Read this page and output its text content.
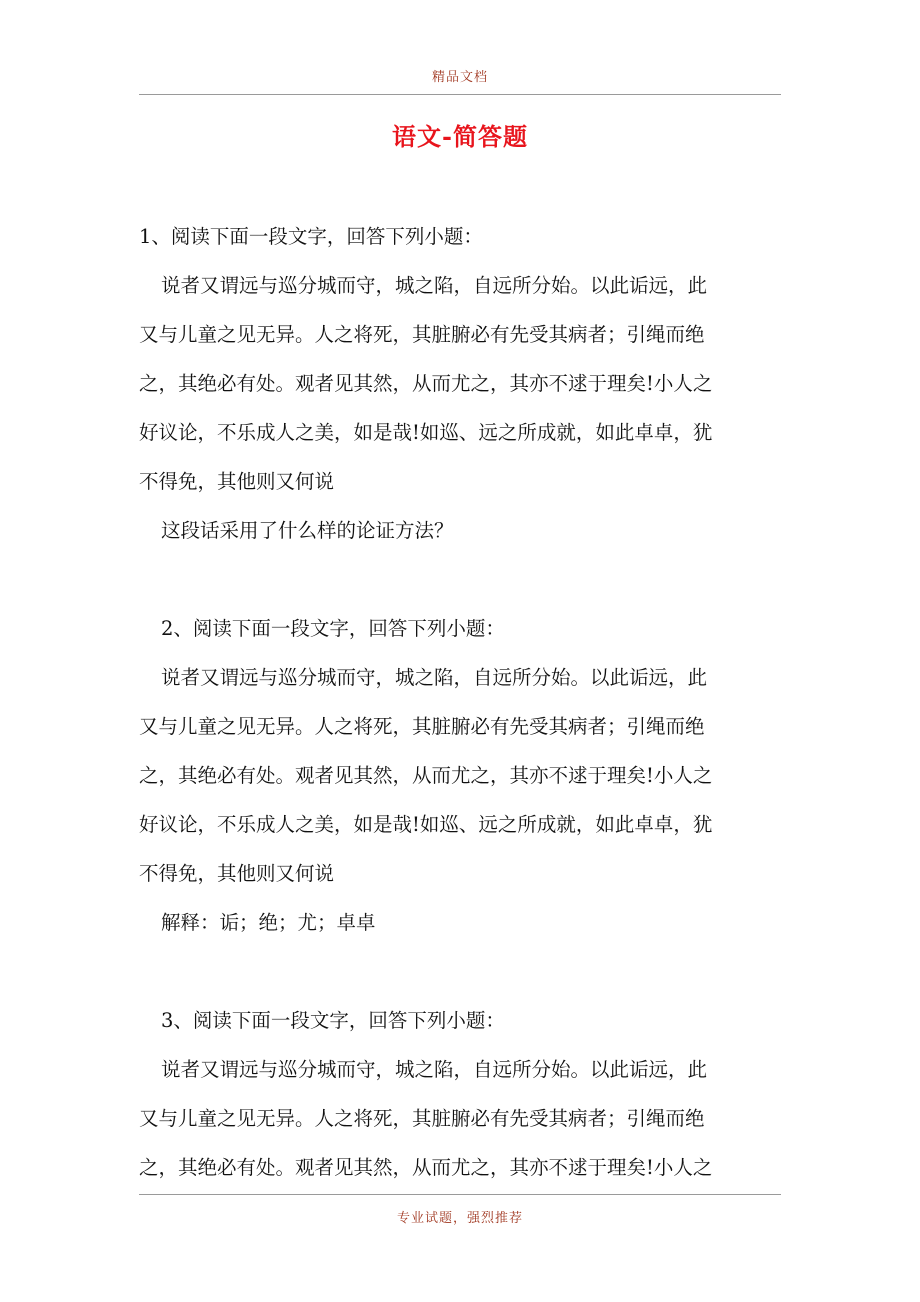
精品文档
语文-简答题
1、阅读下面一段文字，回答下列小题：
说者又谓远与巡分城而守，城之陷，自远所分始。以此诟远，此
又与儿童之见无异。人之将死，其脏腑必有先受其病者；引绳而绝
之，其绝必有处。观者见其然，从而尤之，其亦不逑于理矣!小人之
好议论，不乐成人之美，如是哉!如巡、远之所成就，如此卓卓，犹
不得免，其他则又何说
这段话采用了什么样的论证方法？
2、阅读下面一段文字，回答下列小题：
说者又谓远与巡分城而守，城之陷，自远所分始。以此诟远，此
又与儿童之见无异。人之将死，其脏腑必有先受其病者；引绳而绝
之，其绝必有处。观者见其然，从而尤之，其亦不逑于理矣!小人之
好议论，不乐成人之美，如是哉!如巡、远之所成就，如此卓卓，犹
不得免，其他则又何说
解释：诟；绝；尤；卓卓
3、阅读下面一段文字，回答下列小题：
说者又谓远与巡分城而守，城之陷，自远所分始。以此诟远，此
又与儿童之见无异。人之将死，其脏腑必有先受其病者；引绳而绝
之，其绝必有处。观者见其然，从而尤之，其亦不逑于理矣!小人之
专业试题，强烈推荐
